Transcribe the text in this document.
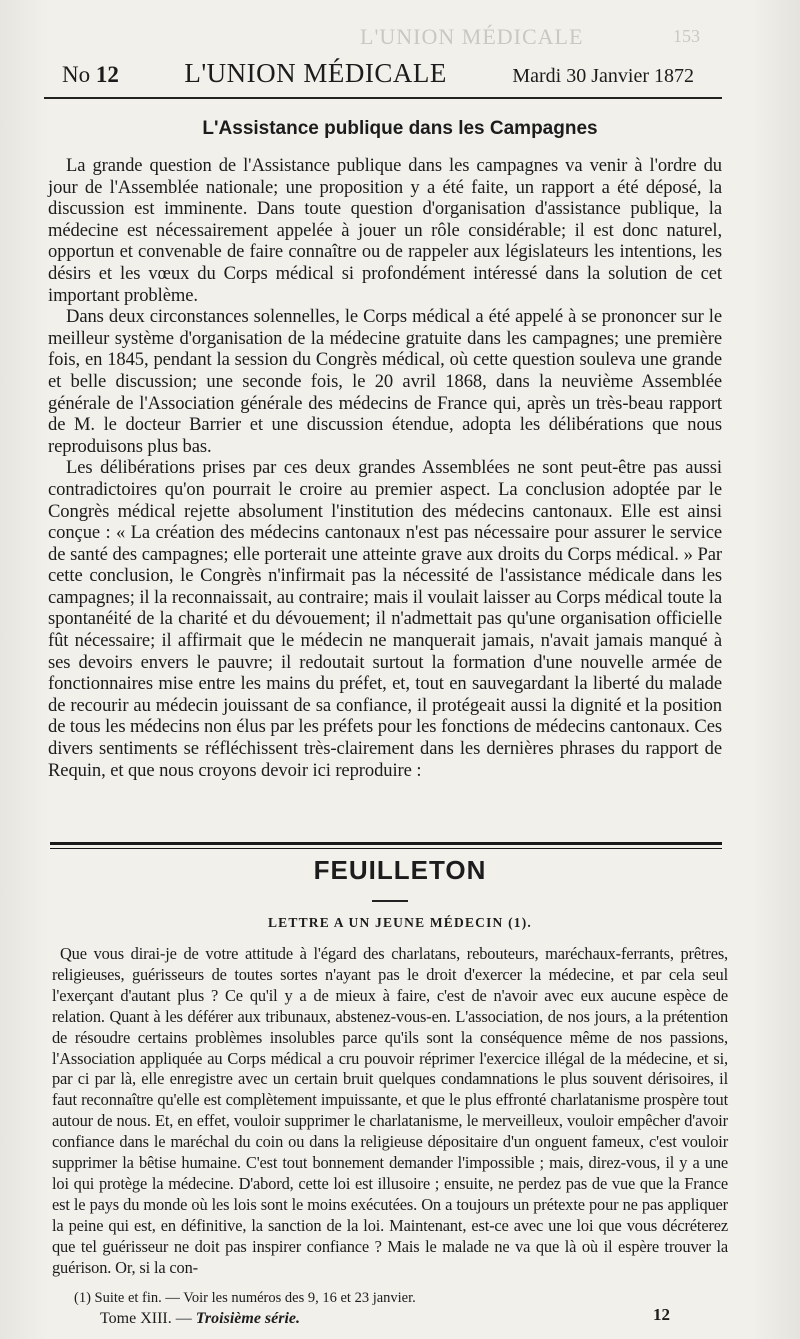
L'UNION MÉDICALE	153
No 12 L'UNION MÉDICALE	Mardi 30 Janvier 1872
L'Assistance publique dans les Campagnes

La grande question de l'Assistance publique dans les campagnes va venir à l'ordre du jour de l'Assemblée nationale; une proposition y a été faite, un rapport a été déposé, la discussion est imminente. Dans toute question d'organisation d'assistance publique, la médecine est nécessairement appelée à jouer un rôle considérable; il est donc naturel, opportun et convenable de faire connaître ou de rappeler aux législateurs les intentions, les désirs et les vœux du Corps médical si profondément intéressé dans la solution de cet important problème.

Dans deux circonstances solennelles, le Corps médical a été appelé à se prononcer sur le meilleur système d'organisation de la médecine gratuite dans les campagnes; une première fois, en 1845, pendant la session du Congrès médical, où cette question souleva une grande et belle discussion; une seconde fois, le 20 avril 1868, dans la neuvième Assemblée générale de l'Association générale des médecins de France qui, après un très-beau rapport de M. le docteur Barrier et une discussion étendue, adopta les délibérations que nous reproduisons plus bas.

Les délibérations prises par ces deux grandes Assemblées ne sont peut-être pas aussi contradictoires qu'on pourrait le croire au premier aspect. La conclusion adoptée par le Congrès médical rejette absolument l'institution des médecins cantonaux. Elle est ainsi conçue : « La création des médecins cantonaux n'est pas nécessaire pour assurer le service de santé des campagnes; elle porterait une atteinte grave aux droits du Corps médical. » Par cette conclusion, le Congrès n'infirmait pas la nécessité de l'assistance médicale dans les campagnes; il la reconnaissait, au contraire; mais il voulait laisser au Corps médical toute la spontanéité de la charité et du dévouement; il n'admettait pas qu'une organisation officielle fût nécessaire; il affirmait que le médecin ne manquerait jamais, n'avait jamais manqué à ses devoirs envers le pauvre; il redoutait surtout la formation d'une nouvelle armée de fonctionnaires mise entre les mains du préfet, et, tout en sauvegardant la liberté du malade de recourir au médecin jouissant de sa confiance, il protégeait aussi la dignité et la position de tous les médecins non élus par les préfets pour les fonctions de médecins cantonaux. Ces divers sentiments se réfléchissent très-clairement dans les dernières phrases du rapport de Requin, et que nous croyons devoir ici reproduire :

FEUILLETON
LETTRE A UN JEUNE MÉDECIN (1).

Que vous dirai-je de votre attitude à l'égard des charlatans, rebouteurs, maréchaux-ferrants, prêtres, religieuses, guérisseurs de toutes sortes n'ayant pas le droit d'exercer la médecine, et par cela seul l'exerçant d'autant plus ? Ce qu'il y a de mieux à faire, c'est de n'avoir avec eux aucune espèce de relation. Quant à les déférer aux tribunaux, abstenez-vous-en. L'association, de nos jours, a la prétention de résoudre certains problèmes insolubles parce qu'ils sont la conséquence même de nos passions, l'Association appliquée au Corps médical a cru pouvoir réprimer l'exercice illégal de la médecine, et si, par ci par là, elle enregistre avec un certain bruit quelques condamnations le plus souvent dérisoires, il faut reconnaître qu'elle est complètement impuissante, et que le plus effronté charlatanisme prospère tout autour de nous. Et, en effet, vouloir supprimer le charlatanisme, le merveilleux, vouloir empêcher d'avoir confiance dans le maréchal du coin ou dans la religieuse dépositaire d'un onguent fameux, c'est vouloir supprimer la bêtise humaine. C'est tout bonnement demander l'impossible ; mais, direz-vous, il y a une loi qui protège la médecine. D'abord, cette loi est illusoire ; ensuite, ne perdez pas de vue que la France est le pays du monde où les lois sont le moins exécutées. On a toujours un prétexte pour ne pas appliquer la peine qui est, en définitive, la sanction de la loi. Maintenant, est-ce avec une loi que vous décréterez que tel guérisseur ne doit pas inspirer confiance ? Mais le malade ne va que là où il espère trouver la guérison. Or, si la con-

(1) Suite et fin. — Voir les numéros des 9, 16 et 23 janvier.
Tome XIII. — Troisième série.	12
